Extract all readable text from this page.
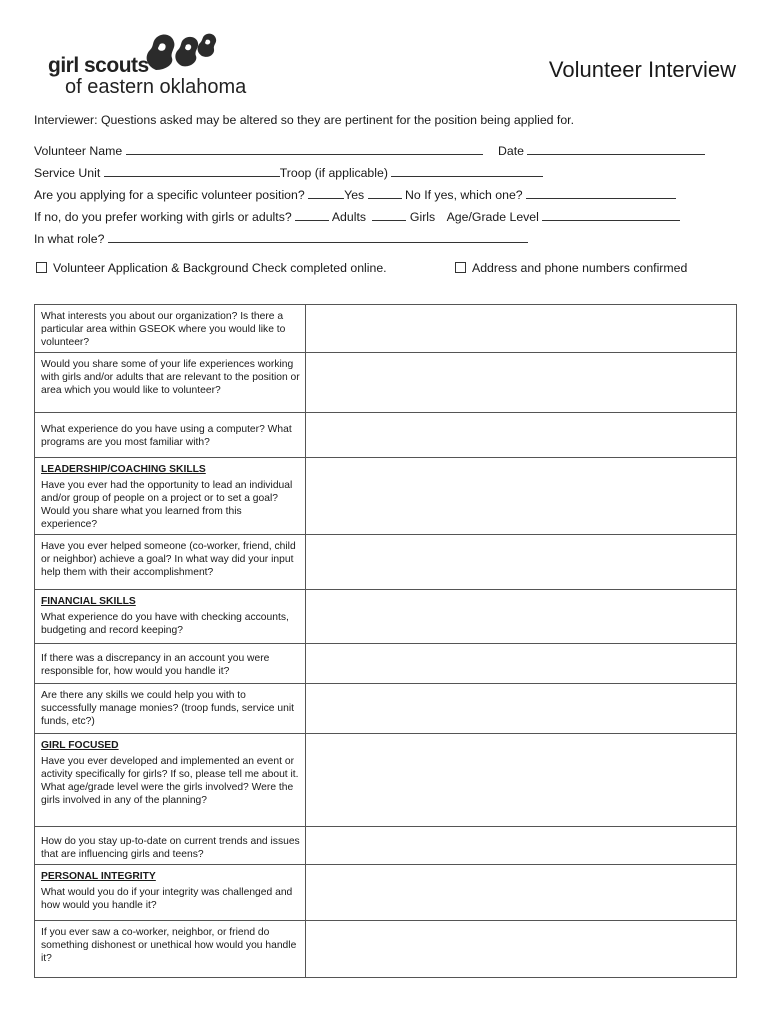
girl scouts
of eastern oklahoma
Volunteer Interview
Interviewer: Questions asked may be altered so they are pertinent for the position being applied for.
Volunteer Name	Date
Service Unit	Troop (if applicable)
Are you applying for a specific volunteer position?	Yes	No If yes, which one?
If no, do you prefer working with girls or adults?	Adults	Girls Age/Grade Level
In what role?
Volunteer Application & Background Check completed online.	Address and phone numbers confirmed
What interests you about our organization? Is there a particular area within GSEOK where you would like to volunteer?	
Would you share some of your life experiences working with girls and/or adults that are relevant to the position or area which you would like to volunteer?	
What experience do you have using a computer? What programs are you most familiar with?	

LEADERSHIP/COACHING SKILLS
Have you ever had the opportunity to lead an individual and/or group of people on a project or to set a goal? Would you share what you learned from this experience?	
Have you ever helped someone (co-worker, friend, child or neighbor) achieve a goal? In what way did your input help them with their accomplishment?	

FINANCIAL SKILLS
What experience do you have with checking accounts, budgeting and record keeping?	
If there was a discrepancy in an account you were responsible for, how would you handle it?	
Are there any skills we could help you with to successfully manage monies? (troop funds, service unit funds, etc?)	

GIRL FOCUSED
Have you ever developed and implemented an event or activity specifically for girls? If so, please tell me about it. What age/grade level were the girls involved? Were the girls involved in any of the planning?	
How do you stay up-to-date on current trends and issues that are influencing girls and teens?	

PERSONAL INTEGRITY
What would you do if your integrity was challenged and how would you handle it?	
If you ever saw a co-worker, neighbor, or friend do something dishonest or unethical how would you handle it?	
